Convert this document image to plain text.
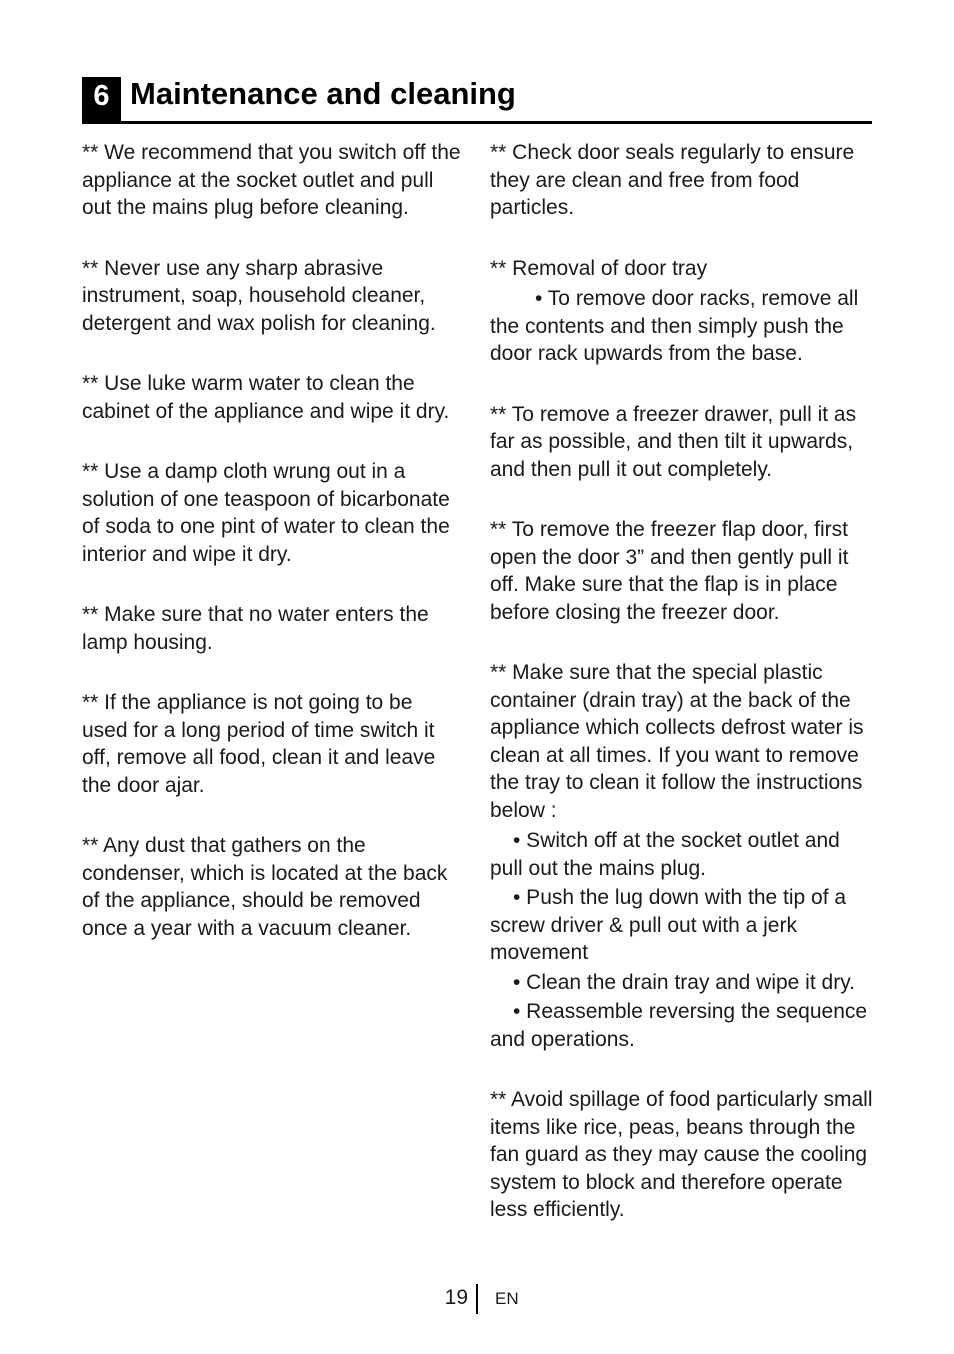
6 Maintenance and cleaning

** We recommend that you switch off the appliance at the socket outlet and pull out the mains plug before cleaning.

** Never use any sharp abrasive instrument, soap, household cleaner, detergent and wax polish for cleaning.

** Use luke warm water to clean the cabinet of the appliance and wipe it dry.

** Use a damp cloth wrung out in a solution of one teaspoon of bicarbonate of soda to one pint of water to clean the interior and wipe it dry.

** Make sure that no water enters the lamp housing.

** If the appliance is not going to be used for a long period of time switch it off, remove all food, clean it and leave the door ajar.

** Any dust that gathers on the condenser, which is located at the back of the appliance, should be removed once a year with a vacuum cleaner.

** Check door seals regularly to ensure they are clean and free from food particles.

** Removal of door tray

• To remove door racks, remove all the contents and then simply push the door rack upwards from the base.

** To remove a freezer drawer, pull it as far as possible, and then tilt it upwards, and then pull it out completely.

** To remove the freezer flap door, first open the door 3” and then gently pull it off. Make sure that the flap is in place before closing the freezer door.

** Make sure that the special plastic container (drain tray) at the back of the appliance which collects defrost water is clean at all times. If you want to remove the tray to clean it follow the instructions below :

• Switch off at the socket outlet and pull out the mains plug.

• Push the lug down with the tip of a screw driver & pull out with a jerk movement

• Clean the drain tray and wipe it dry.

• Reassemble reversing the sequence and operations.

** Avoid spillage of food particularly small items like rice, peas, beans through the fan guard as they may cause the cooling system to block and therefore operate less efficiently.

19 EN
